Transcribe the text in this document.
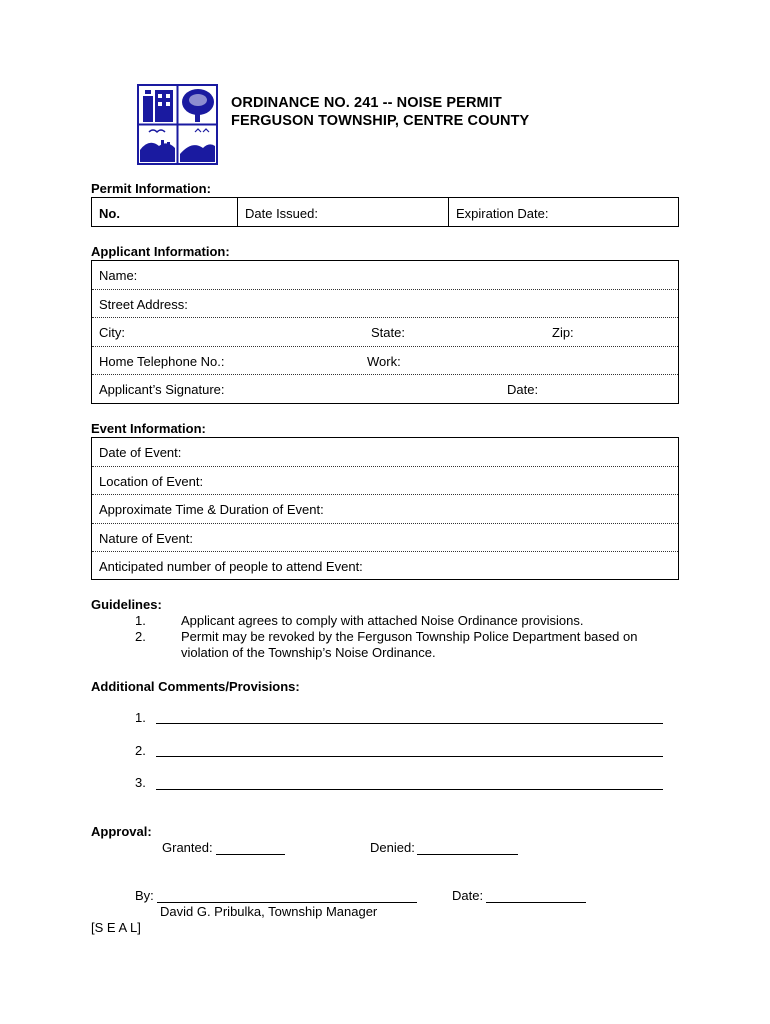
ORDINANCE NO. 241 -- NOISE PERMIT
FERGUSON TOWNSHIP, CENTRE COUNTY
Permit Information:
No.	Date Issued:	Expiration Date:
Applicant Information:
Name:
Street Address:
City:	State:	Zip:
Home Telephone No.:	Work:
Applicant’s Signature:	Date:
Event Information:
Date of Event:
Location of Event:
Approximate Time & Duration of Event:
Nature of Event:
Anticipated number of people to attend Event:
Guidelines:
1.	Applicant agrees to comply with attached Noise Ordinance provisions.
2.	Permit may be revoked by the Ferguson Township Police Department based on
violation of the Township’s Noise Ordinance.
Additional Comments/Provisions:
1.
2.
3.
Approval:
Granted:	Denied:
By:	Date:
David G. Pribulka, Township Manager
[S E A L]
